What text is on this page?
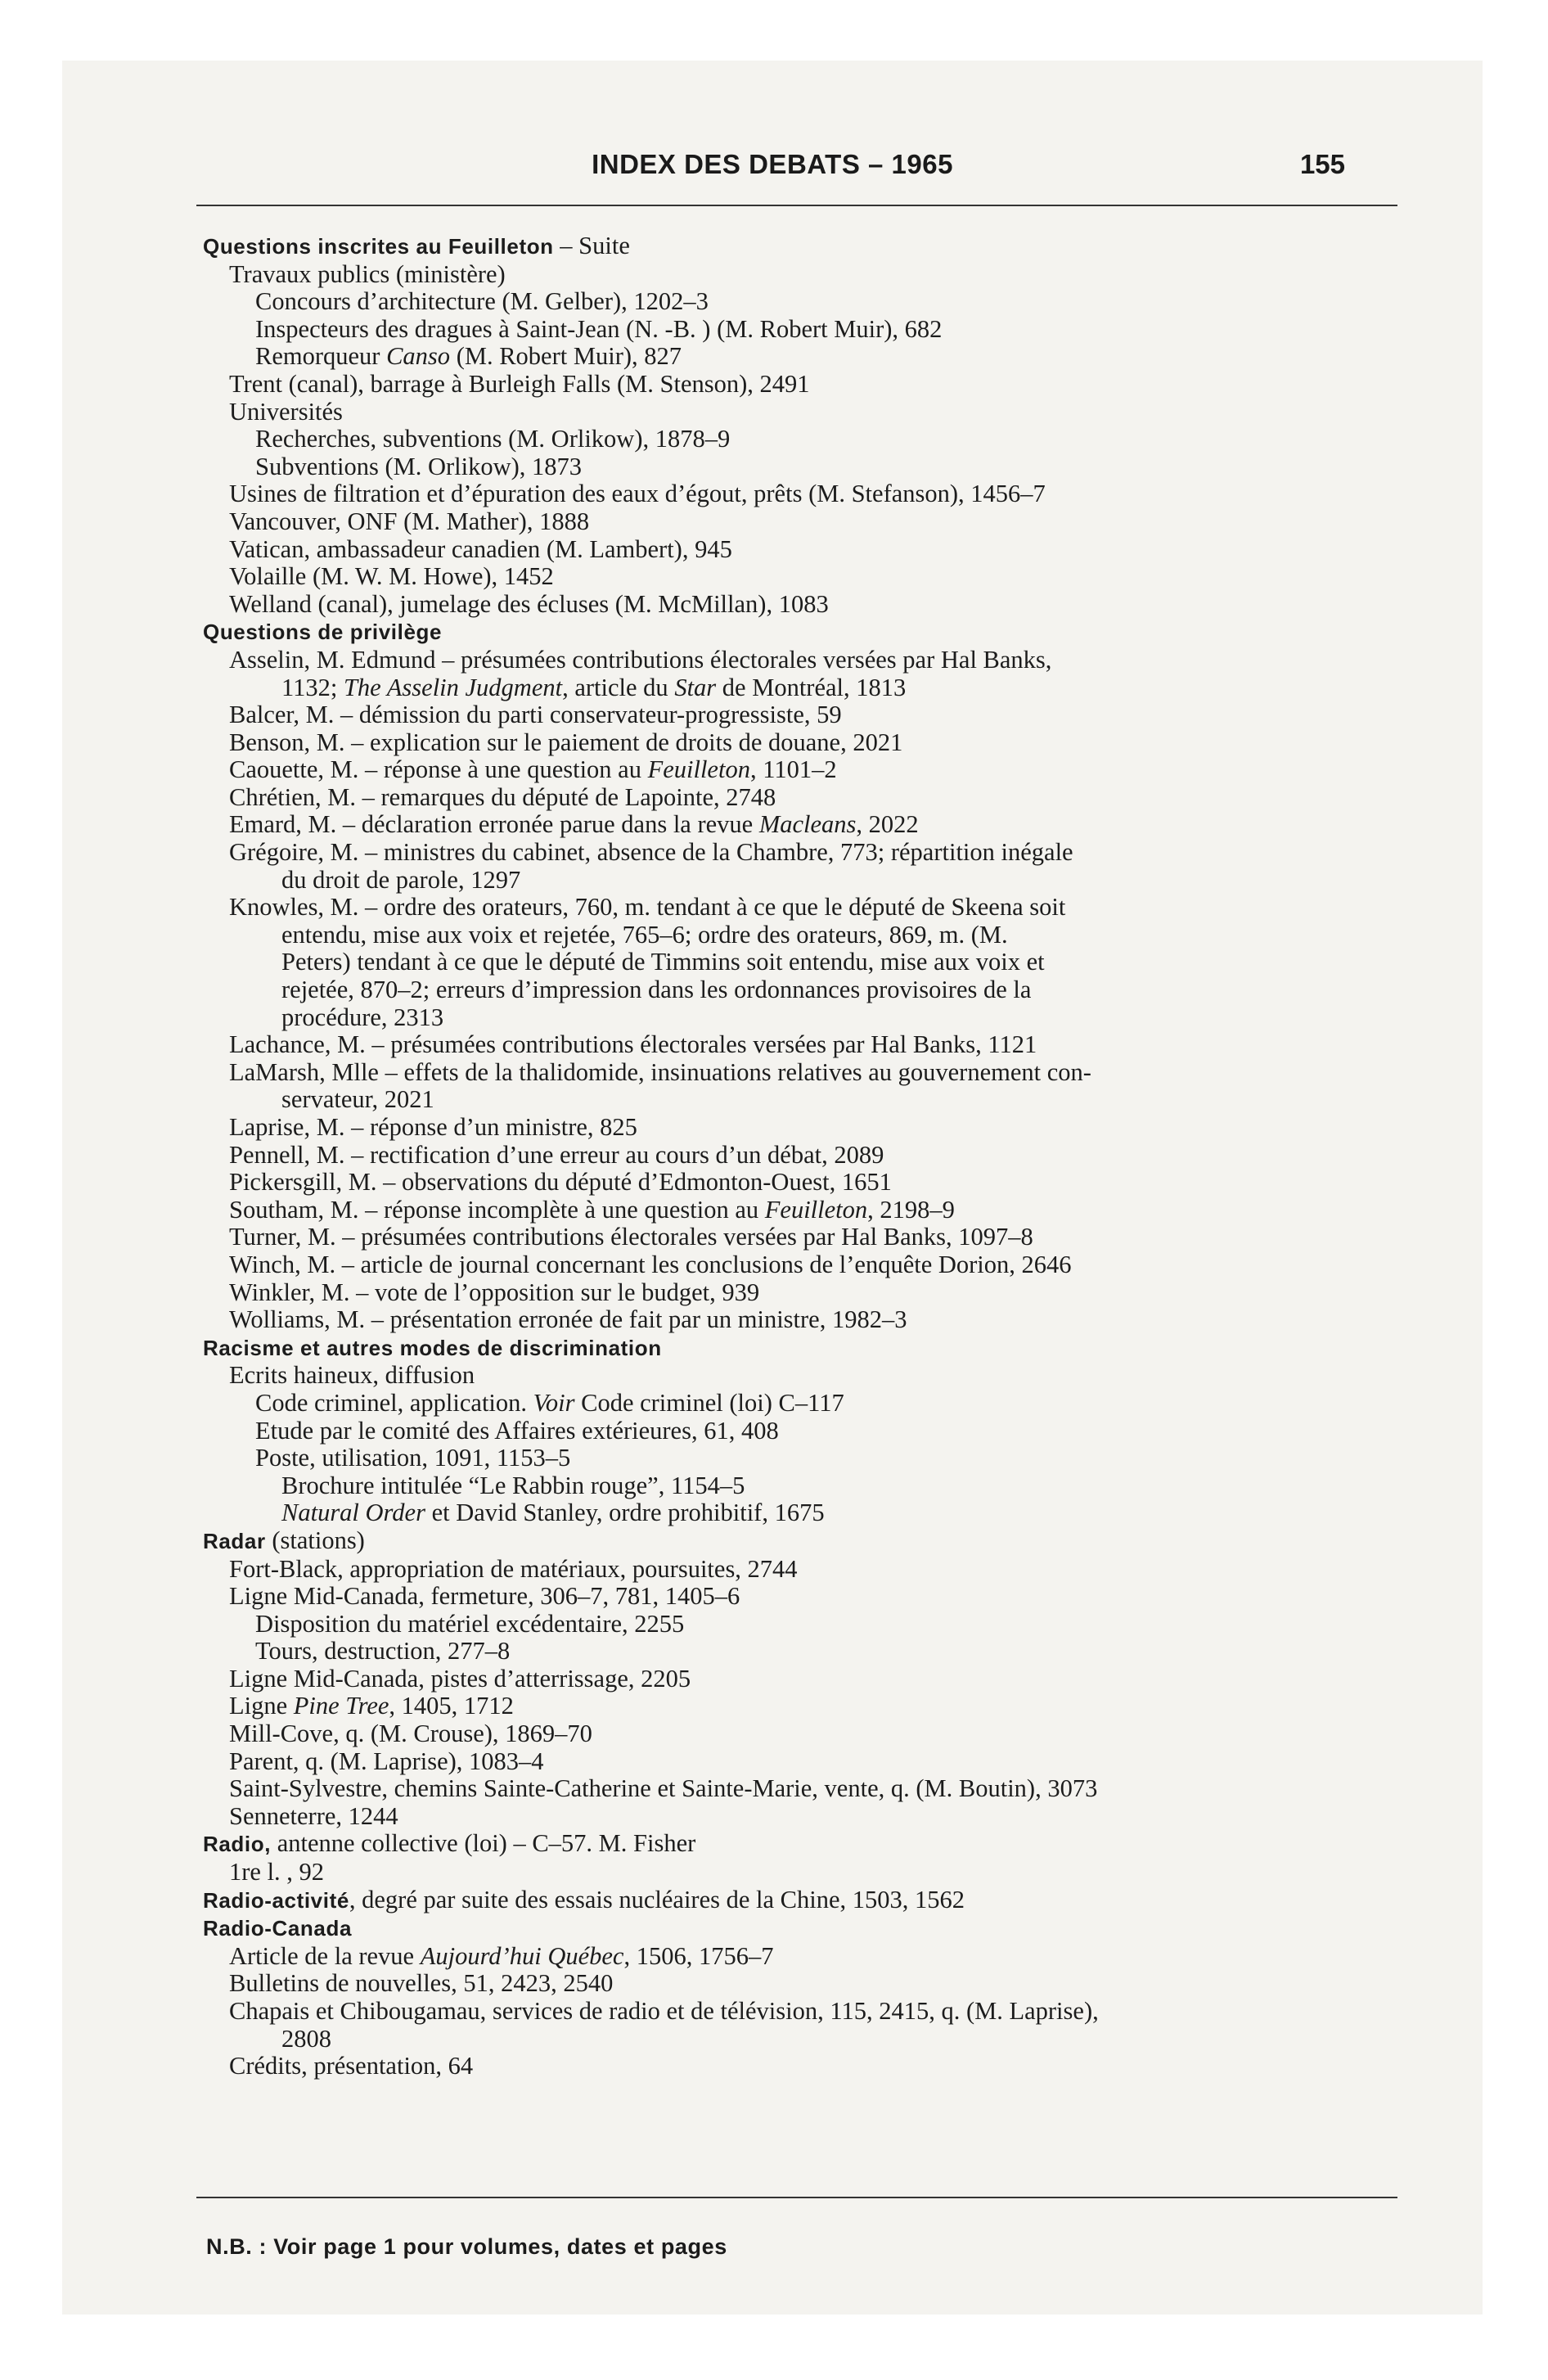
INDEX DES DEBATS – 1965	155
Questions inscrites au Feuilleton – Suite
Travaux publics (ministère)
Concours d’architecture (M. Gelber), 1202–3
Inspecteurs des dragues à Saint-Jean (N. -B. ) (M. Robert Muir), 682
Remorqueur Canso (M. Robert Muir), 827
Trent (canal), barrage à Burleigh Falls (M. Stenson), 2491
Universités
Recherches, subventions (M. Orlikow), 1878–9
Subventions (M. Orlikow), 1873
Usines de filtration et d’épuration des eaux d’égout, prêts (M. Stefanson), 1456–7
Vancouver, ONF (M. Mather), 1888
Vatican, ambassadeur canadien (M. Lambert), 945
Volaille (M. W. M. Howe), 1452
Welland (canal), jumelage des écluses (M. McMillan), 1083
Questions de privilège
Asselin, M. Edmund – présumées contributions électorales versées par Hal Banks,
1132; The Asselin Judgment, article du Star de Montréal, 1813
Balcer, M. – démission du parti conservateur-progressiste, 59
Benson, M. – explication sur le paiement de droits de douane, 2021
Caouette, M. – réponse à une question au Feuilleton, 1101–2
Chrétien, M. – remarques du député de Lapointe, 2748
Emard, M. – déclaration erronée parue dans la revue Macleans, 2022
Grégoire, M. – ministres du cabinet, absence de la Chambre, 773; répartition inégale
du droit de parole, 1297
Knowles, M. – ordre des orateurs, 760, m. tendant à ce que le député de Skeena soit
entendu, mise aux voix et rejetée, 765–6; ordre des orateurs, 869, m. (M.
Peters) tendant à ce que le député de Timmins soit entendu, mise aux voix et
rejetée, 870–2; erreurs d’impression dans les ordonnances provisoires de la
procédure, 2313
Lachance, M. – présumées contributions électorales versées par Hal Banks, 1121
LaMarsh, Mlle – effets de la thalidomide, insinuations relatives au gouvernement con-
servateur, 2021
Laprise, M. – réponse d’un ministre, 825
Pennell, M. – rectification d’une erreur au cours d’un débat, 2089
Pickersgill, M. – observations du député d’Edmonton-Ouest, 1651
Southam, M. – réponse incomplète à une question au Feuilleton, 2198–9
Turner, M. – présumées contributions électorales versées par Hal Banks, 1097–8
Winch, M. – article de journal concernant les conclusions de l’enquête Dorion, 2646
Winkler, M. – vote de l’opposition sur le budget, 939
Wolliams, M. – présentation erronée de fait par un ministre, 1982–3
Racisme et autres modes de discrimination
Ecrits haineux, diffusion
Code criminel, application. Voir Code criminel (loi) C–117
Etude par le comité des Affaires extérieures, 61, 408
Poste, utilisation, 1091, 1153–5
Brochure intitulée “Le Rabbin rouge”, 1154–5
Natural Order et David Stanley, ordre prohibitif, 1675
Radar (stations)
Fort-Black, appropriation de matériaux, poursuites, 2744
Ligne Mid-Canada, fermeture, 306–7, 781, 1405–6
Disposition du matériel excédentaire, 2255
Tours, destruction, 277–8
Ligne Mid-Canada, pistes d’atterrissage, 2205
Ligne Pine Tree, 1405, 1712
Mill-Cove, q. (M. Crouse), 1869–70
Parent, q. (M. Laprise), 1083–4
Saint-Sylvestre, chemins Sainte-Catherine et Sainte-Marie, vente, q. (M. Boutin), 3073
Senneterre, 1244
Radio, antenne collective (loi) – C–57. M. Fisher
1re l. , 92
Radio-activité, degré par suite des essais nucléaires de la Chine, 1503, 1562
Radio-Canada
Article de la revue Aujourd’hui Québec, 1506, 1756–7
Bulletins de nouvelles, 51, 2423, 2540
Chapais et Chibougamau, services de radio et de télévision, 115, 2415, q. (M. Laprise),
2808
Crédits, présentation, 64
N.B. : Voir page 1 pour volumes, dates et pages
